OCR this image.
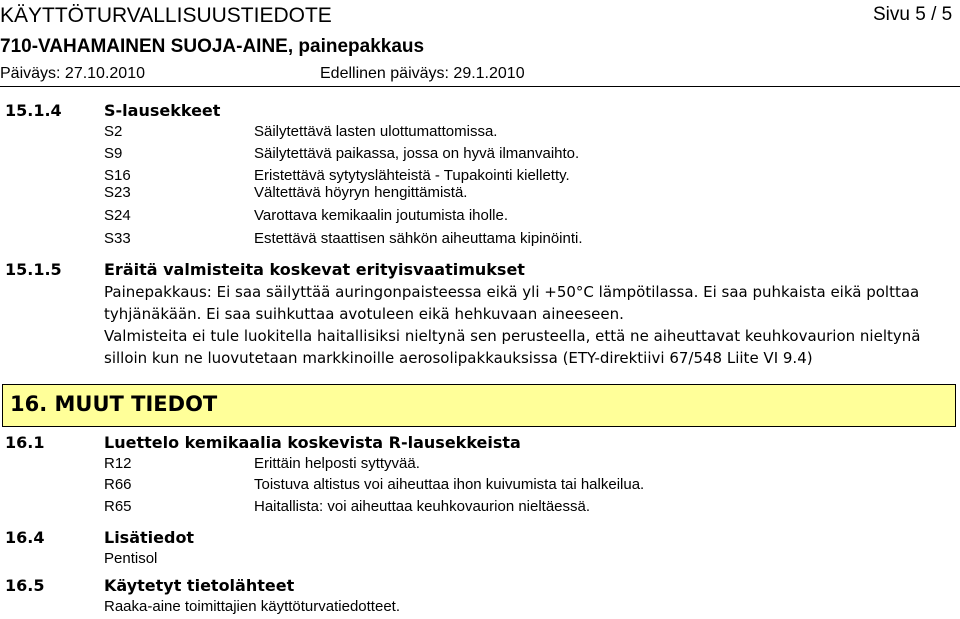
KÄYTTÖTURVALLISUUSTIEDOTE	Sivu 5 / 5
710-VAHAMAINEN SUOJA-AINE, painepakkaus
Päiväys: 27.10.2010	Edellinen päiväys: 29.1.2010
15.1.4	S-lausekkeet
S2	Säilytettävä lasten ulottumattomissa.
S9	Säilytettävä paikassa, jossa on hyvä ilmanvaihto.
S16	Eristettävä sytytyslähteistä - Tupakointi kielletty.
S23	Vältettävä höyryn hengittämistä.
S24	Varottava kemikaalin joutumista iholle.
S33	Estettävä staattisen sähkön aiheuttama kipinöinti.
15.1.5	Eräitä valmisteita koskevat erityisvaatimukset
Painepakkaus: Ei saa säilyttää auringonpaisteessa eikä yli +50°C lämpötilassa. Ei saa puhkaista eikä polttaa
tyhjänäkään. Ei saa suihkuttaa avotuleen eikä hehkuvaan aineeseen.
Valmisteita ei tule luokitella haitallisiksi nieltynä sen perusteella, että ne aiheuttavat keuhkovaurion nieltynä
silloin kun ne luovutetaan markkinoille aerosolipakkauksissa (ETY-direktiivi 67/548 Liite VI 9.4)
16. MUUT TIEDOT
16.1	Luettelo kemikaalia koskevista R-lausekkeista
R12	Erittäin helposti syttyvää.
R66	Toistuva altistus voi aiheuttaa ihon kuivumista tai halkeilua.
R65	Haitallista: voi aiheuttaa keuhkovaurion nieltäessä.
16.4	Lisätiedot
Pentisol
16.5	Käytetyt tietolähteet
Raaka-aine toimittajien käyttöturvatiedotteet.
